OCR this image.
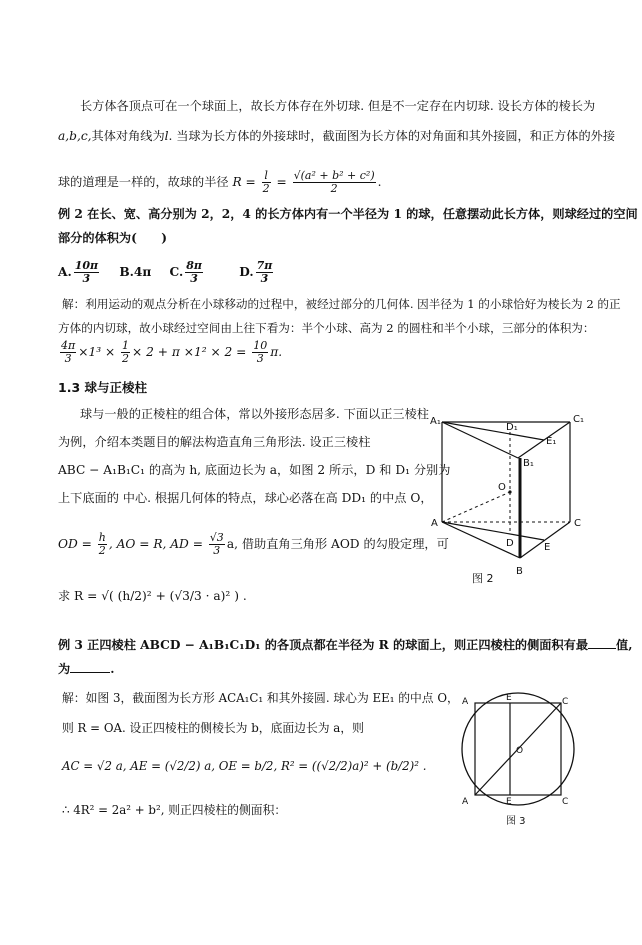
长方体各顶点可在一个球面上，故长方体存在外切球. 但是不一定存在内切球. 设长方体的棱长为
a,b,c,其体对角线为l. 当球为长方体的外接球时，截面图为长方体的对角面和其外接圆，和正方体的外接
球的道理是一样的，故球的半径 $R = \frac{l}{2} = \frac{\text{√(a² + b² + c²)}}{2}$ .
例 2 在长、宽、高分别为 2，2，4 的长方体内有一个半径为 1 的球，任意摆动此长方体，则球经过的空间
部分的体积为(　　)
A. $\frac{10\pi}{3} B.4\pi$ C. $\frac{8\pi}{3}$	D. $\frac{7\pi}{3}$
解：利用运动的观点分析在小球移动的过程中，被经过部分的几何体. 因半径为 1 的小球恰好为棱长为 2 的正
方体的内切球，故小球经过空间由上往下看为：半个小球、高为 2 的圆柱和半个小球，三部分的体积为：
$\frac{4\pi}{3} \times 1^3 \times \frac{1}{2} \times 2 + \pi \times 1^2 \times 2 = \frac{10}{3} \pi$.
1.3 球与正棱柱
球与一般的正棱柱的组合体，常以外接形态居多. 下面以正三棱柱
为例，介绍本类题目的解法构造直角三角形法. 设正三棱柱
ABC − A₁B₁C₁ 的高为 h, 底面边长为 a，如图 2 所示，D 和 D₁ 分别为
上下底面的 中心. 根据几何体的特点，球心必落在高 DD₁ 的中点 O，
OD = $\frac{h}{2}$ , AO = R, AD = $\frac{√3}{3} a$, 借助直角三角形 AOD 的勾股定理，可
求 R = √( (h/2)² + (√3/3 · a)² ) .
A₁
D₁
C₁
E₁
B₁
O
A
D
C
E
B
图 2
例 3 正四棱柱 ABCD − A₁B₁C₁D₁ 的各顶点都在半径为 R 的球面上，则正四棱柱的侧面积有最 值,
为	.
解：如图 3，截面图为长方形 ACA₁C₁ 和其外接圆. 球心为 EE₁ 的中点 O，
则 R = OA. 设正四棱柱的侧棱长为 b，底面边长为 a，则
AC = √2 a, AE = (√2/2) a, OE = b/2, R² = ((√2/2)a)² + (b/2)² .
∴ 4R² = 2a² + b², 则正四棱柱的侧面积：
A	E	C
O
A	E	C
图 3
